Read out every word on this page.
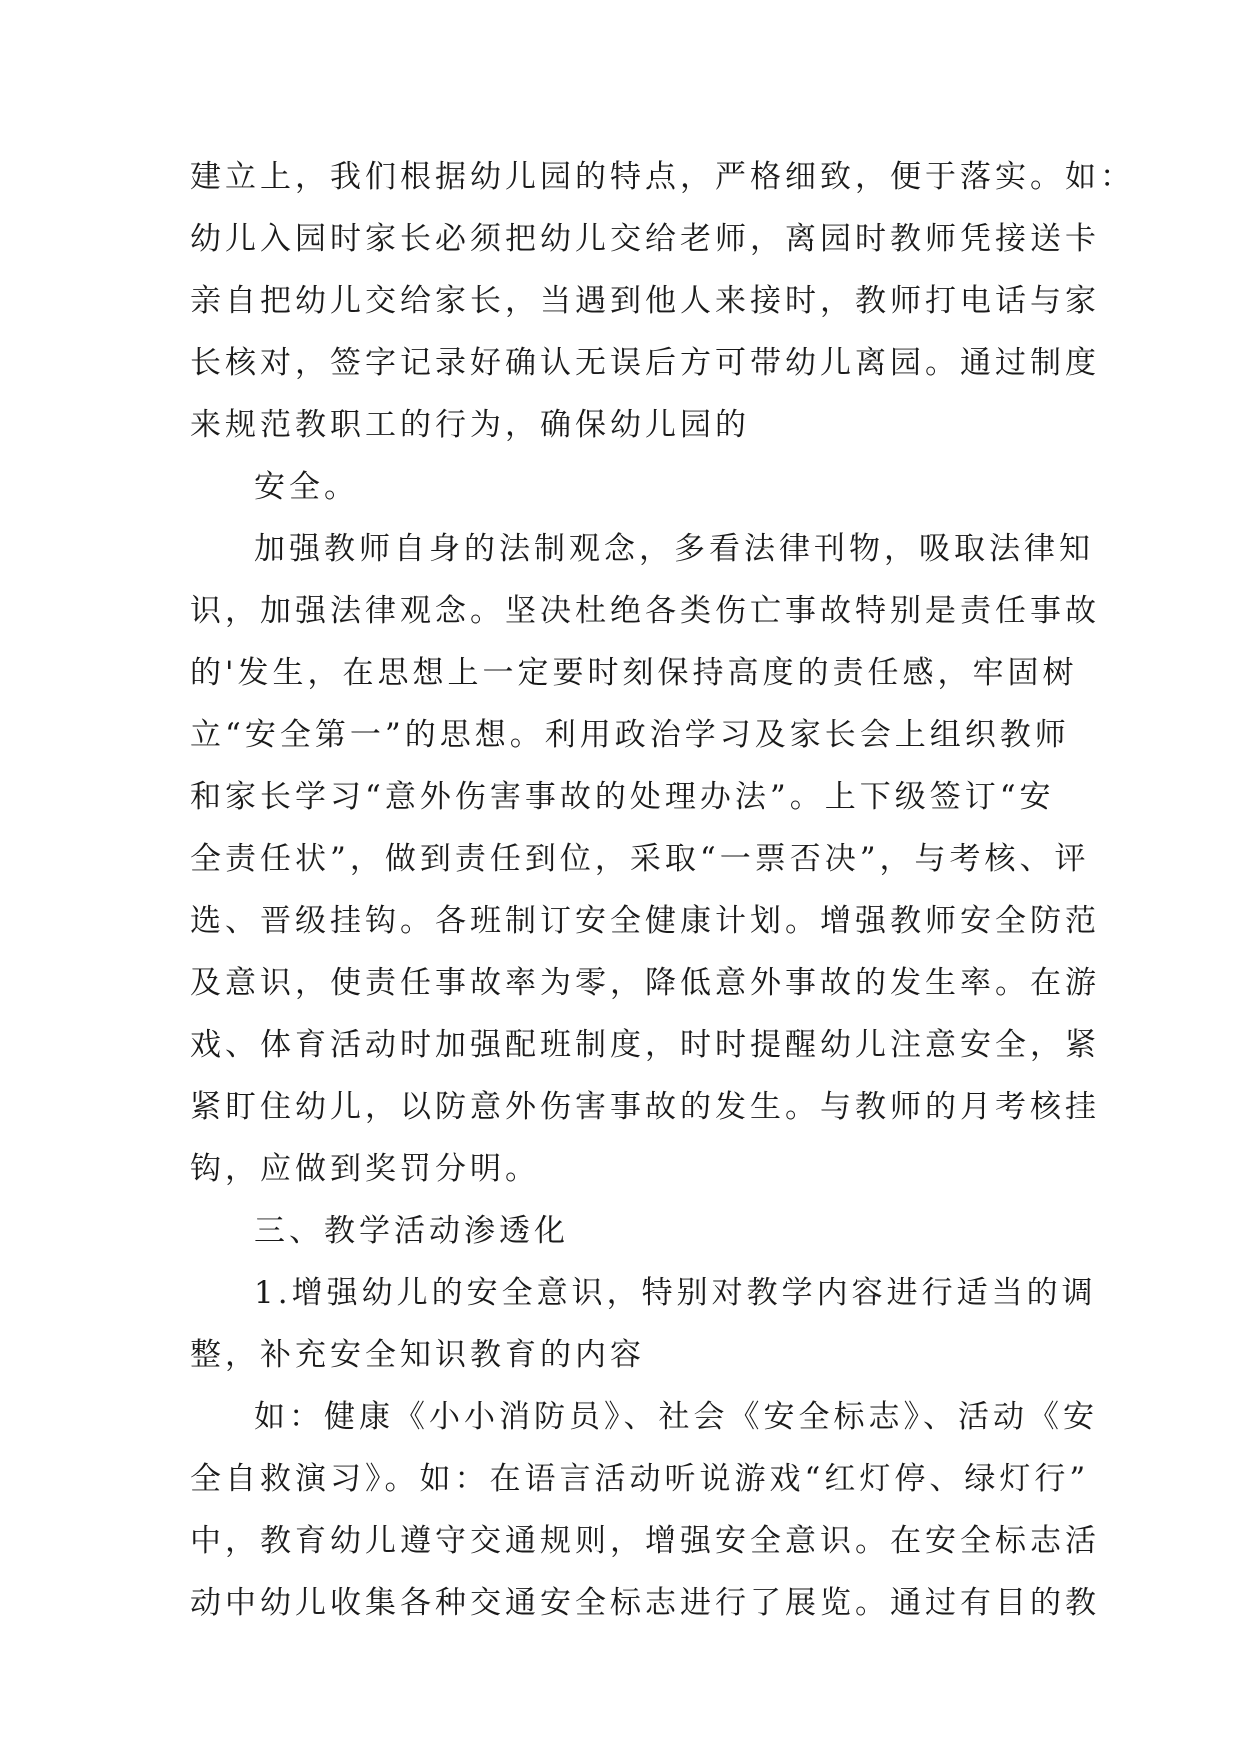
建立上，我们根据幼儿园的特点，严格细致，便于落实。如：
幼儿入园时家长必须把幼儿交给老师，离园时教师凭接送卡
亲自把幼儿交给家长，当遇到他人来接时，教师打电话与家
长核对，签字记录好确认无误后方可带幼儿离园。通过制度
来规范教职工的行为，确保幼儿园的
安全。
加强教师自身的法制观念，多看法律刊物，吸取法律知
识，加强法律观念。坚决杜绝各类伤亡事故特别是责任事故
的'发生，在思想上一定要时刻保持高度的责任感，牢固树
立“安全第一”的思想。利用政治学习及家长会上组织教师
和家长学习“意外伤害事故的处理办法”。上下级签订“安
全责任状”，做到责任到位，采取“一票否决”，与考核、评
选、晋级挂钩。各班制订安全健康计划。增强教师安全防范
及意识，使责任事故率为零，降低意外事故的发生率。在游
戏、体育活动时加强配班制度，时时提醒幼儿注意安全，紧
紧盯住幼儿，以防意外伤害事故的发生。与教师的月考核挂
钩，应做到奖罚分明。
三、教学活动渗透化
1.增强幼儿的安全意识，特别对教学内容进行适当的调
整，补充安全知识教育的内容
如：健康《小小消防员》、社会《安全标志》、活动《安
全自救演习》。如：在语言活动听说游戏“红灯停、绿灯行”
中，教育幼儿遵守交通规则，增强安全意识。在安全标志活
动中幼儿收集各种交通安全标志进行了展览。通过有目的教
